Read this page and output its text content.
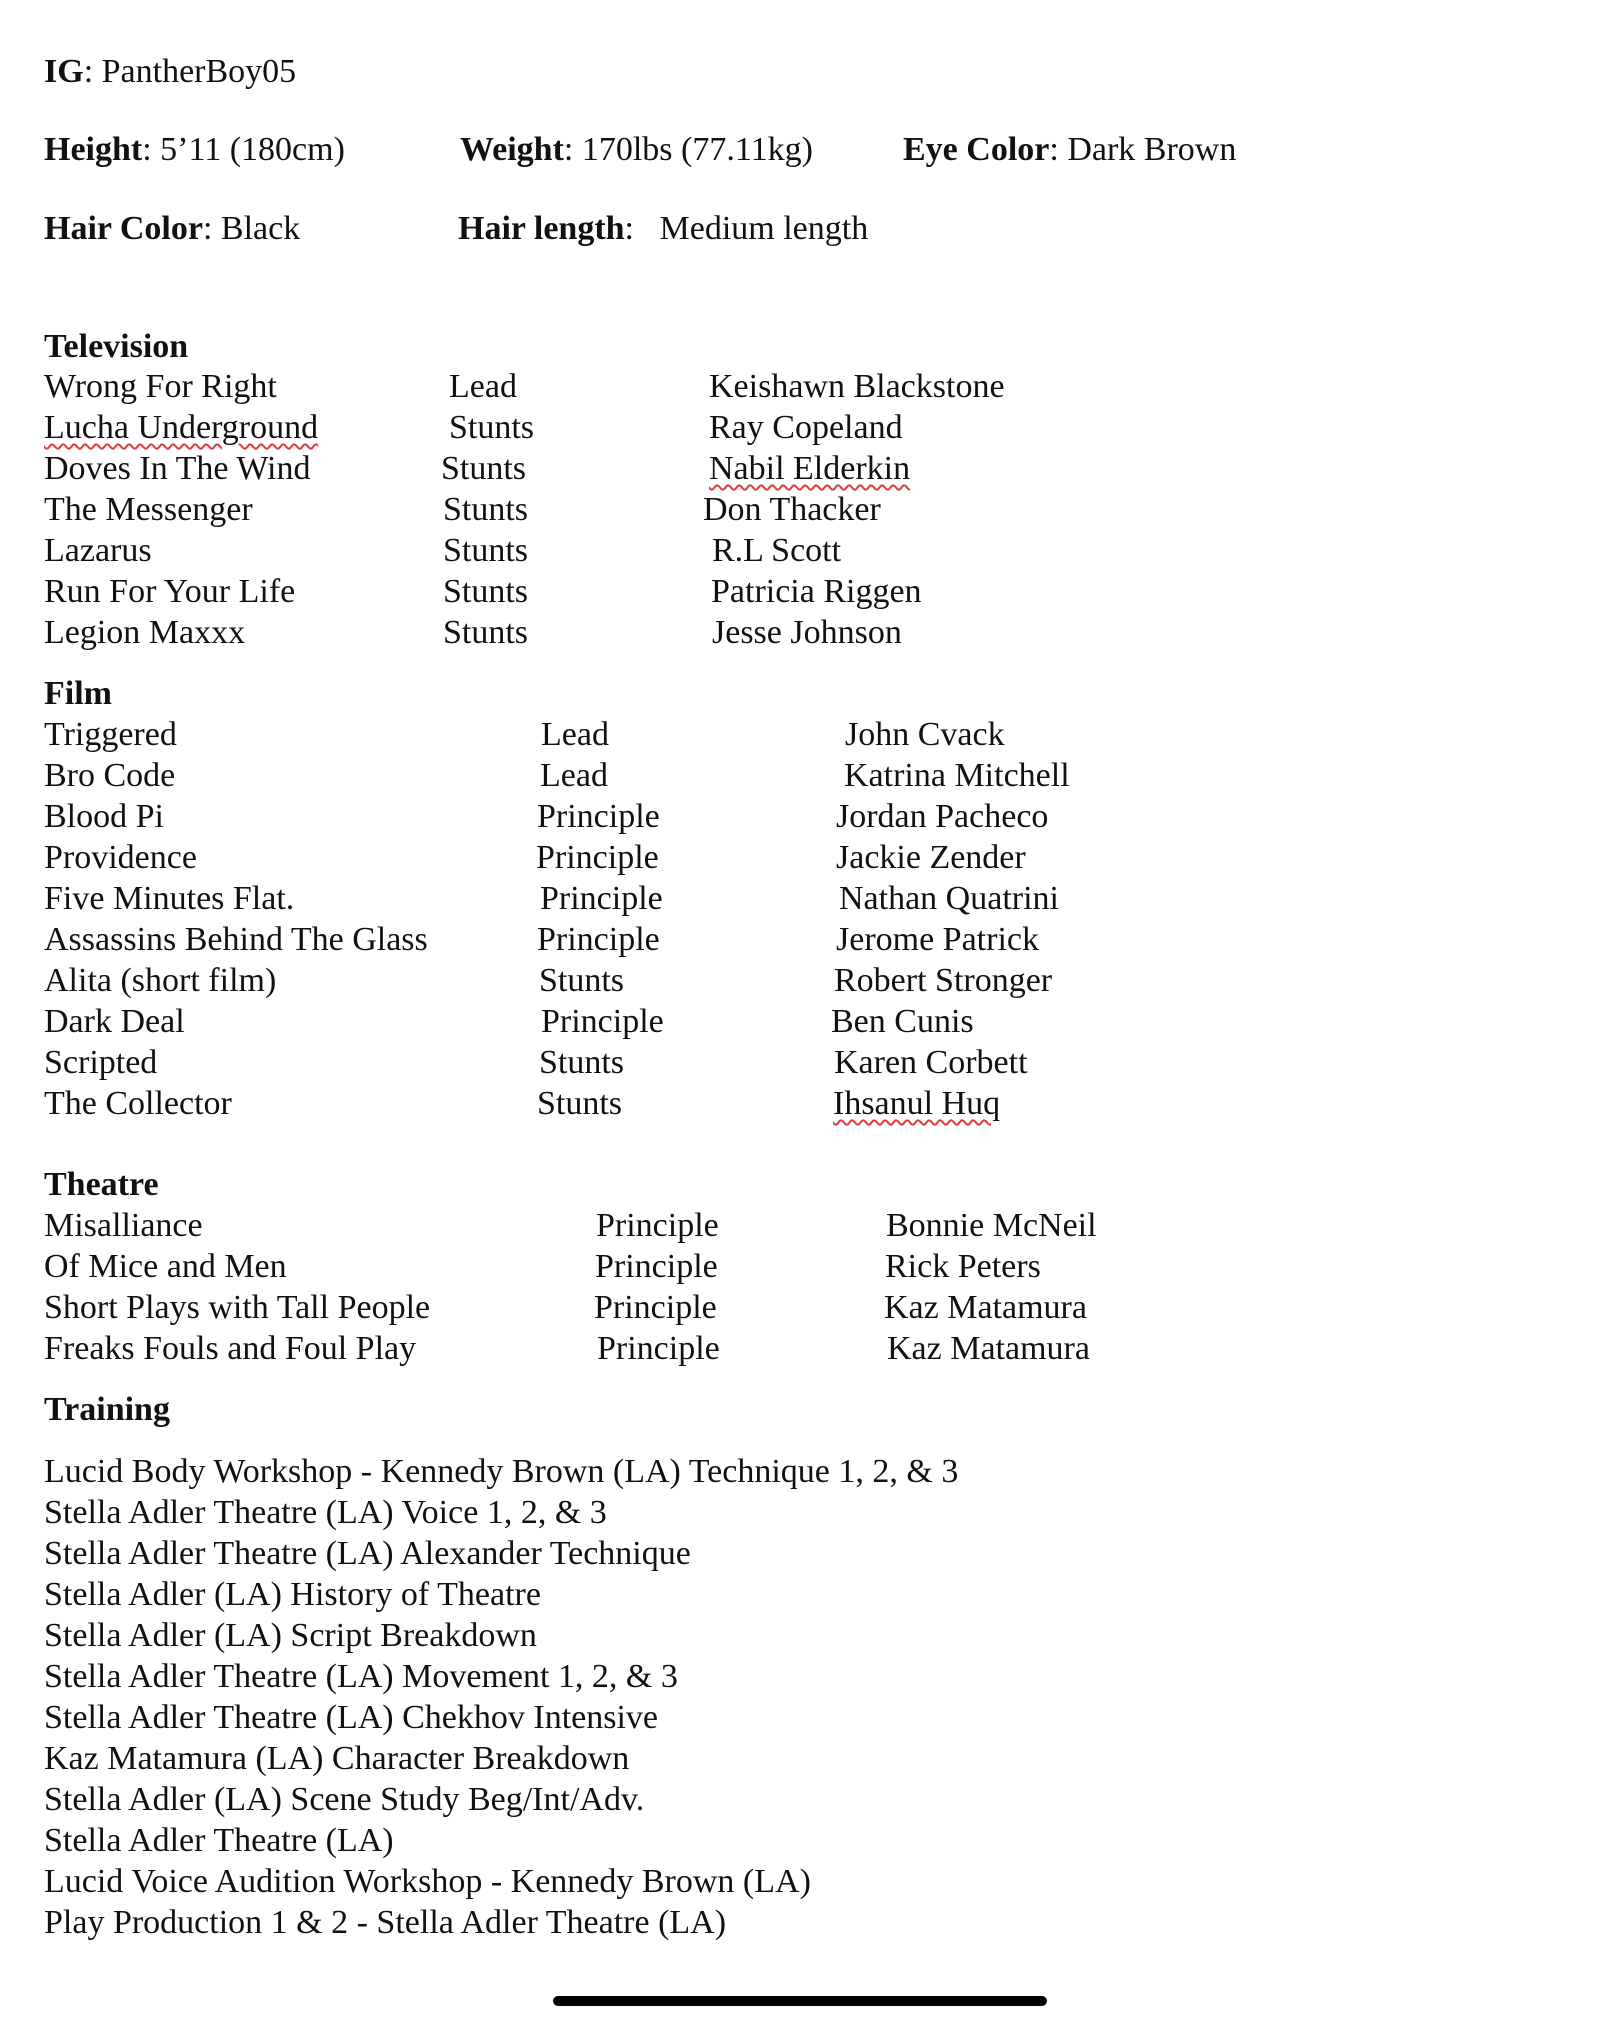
IG: PantherBoy05
Height: 5’11 (180cm)	Weight: 170lbs (77.11kg)	Eye Color: Dark Brown
Hair Color: Black	Hair length:   Medium length
Television
Wrong For Right	Lead	Keishawn Blackstone
Lucha Underground	Stunts	Ray Copeland
Doves In The Wind	Stunts	Nabil Elderkin
The Messenger	Stunts	Don Thacker
Lazarus	Stunts	R.L Scott
Run For Your Life	Stunts	Patricia Riggen
Legion Maxxx	Stunts	Jesse Johnson
Film
Triggered	Lead	John Cvack
Bro Code	Lead	Katrina Mitchell
Blood Pi	Principle	Jordan Pacheco
Providence	Principle	Jackie Zender
Five Minutes Flat.	Principle	Nathan Quatrini
Assassins Behind The Glass	Principle	Jerome Patrick
Alita (short film)	Stunts	Robert Stronger
Dark Deal	Principle	Ben Cunis
Scripted	Stunts	Karen Corbett
The Collector	Stunts	Ihsanul Huq
Theatre
Misalliance	Principle	Bonnie McNeil
Of Mice and Men	Principle	Rick Peters
Short Plays with Tall People	Principle	Kaz Matamura
Freaks Fouls and Foul Play	Principle	Kaz Matamura
Training
Lucid Body Workshop - Kennedy Brown (LA) Technique 1, 2, & 3
Stella Adler Theatre (LA) Voice 1, 2, & 3
Stella Adler Theatre (LA) Alexander Technique
Stella Adler (LA) History of Theatre
Stella Adler (LA) Script Breakdown
Stella Adler Theatre (LA) Movement 1, 2, & 3
Stella Adler Theatre (LA) Chekhov Intensive
Kaz Matamura (LA) Character Breakdown
Stella Adler (LA) Scene Study Beg/Int/Adv.
Stella Adler Theatre (LA)
Lucid Voice Audition Workshop - Kennedy Brown (LA)
Play Production 1 & 2 - Stella Adler Theatre (LA)
